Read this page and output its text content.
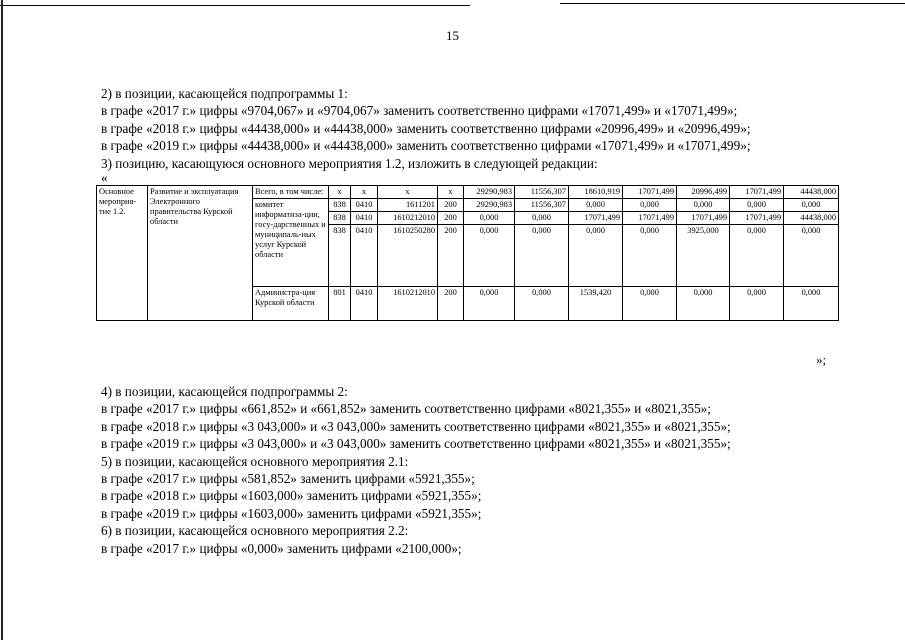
15
2) в позиции, касающейся подпрограммы 1:
в графе «2017 г.» цифры «9704,067» и «9704,067» заменить соответственно цифрами «17071,499» и «17071,499»;
в графе «2018 г.» цифры «44438,000» и «44438,000» заменить соответственно цифрами «20996,499» и «20996,499»;
в графе «2019 г.» цифры «44438,000» и «44438,000» заменить соответственно цифрами «17071,499» и «17071,499»;
3) позицию, касающуюся основного мероприятия 1.2, изложить в следующей редакции:
«
Основное мероприя-тие 1.2.	Развитие и эксплуатация Электронного правительства Курской области	Всего, в том числе:	x	x	x	x	29290,983	11556,307	18610,919	17071,499	20996,499	17071,499	44438,000
		комитет информатиза-ции, госу-дарственных и муниципаль-ных услуг Курской области	838	0410	1611201	200	29290,983	11556,307	0,000	0,000	0,000	0,000	0,000
			838	0410	1610212010	200	0,000	0,000	17071,499	17071,499	17071,499	17071,499	44438,000
			838	0410	1610250280	200	0,000	0,000	0,000	0,000	3925,000	0,000	0,000
		Администра-ция Курской области	801	0410	1610212010	200	0,000	0,000	1539,420	0,000	0,000	0,000	0,000
»;
4) в позиции, касающейся подпрограммы 2:
в графе «2017 г.» цифры «661,852» и «661,852» заменить соответственно цифрами «8021,355» и «8021,355»;
в графе «2018 г.» цифры «3 043,000» и «3 043,000» заменить соответственно цифрами «8021,355» и «8021,355»;
в графе «2019 г.» цифры «3 043,000» и «3 043,000» заменить соответственно цифрами «8021,355» и «8021,355»;
5) в позиции, касающейся основного мероприятия 2.1:
в графе «2017 г.» цифры «581,852» заменить цифрами «5921,355»;
в графе «2018 г.» цифры «1603,000» заменить цифрами «5921,355»;
в графе «2019 г.» цифры «1603,000» заменить цифрами «5921,355»;
6) в позиции, касающейся основного мероприятия 2.2:
в графе «2017 г.» цифры «0,000» заменить цифрами «2100,000»;
